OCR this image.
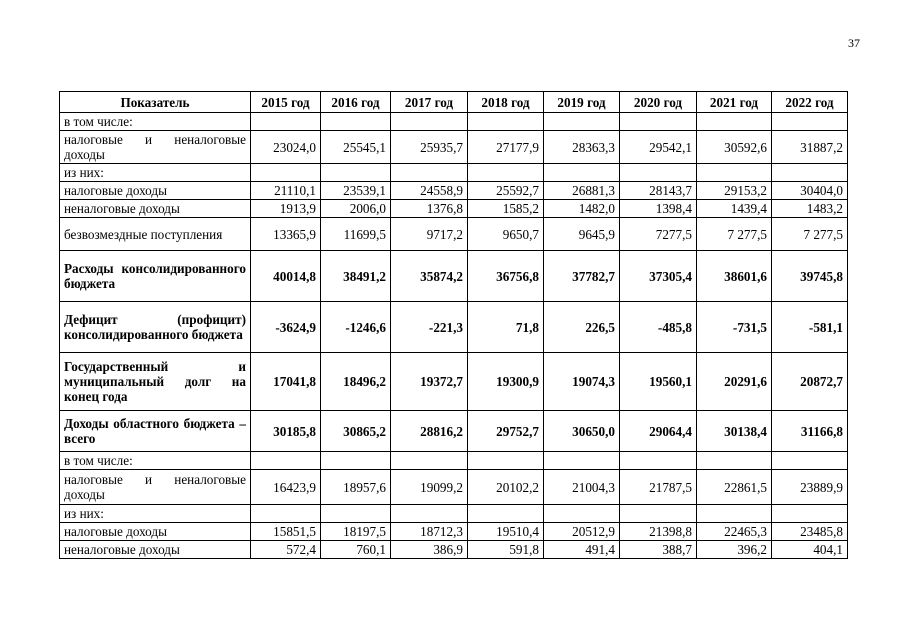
37
Показатель	2015 год	2016 год	2017 год	2018 год	2019 год	2020 год	2021 год	2022 год
в том числе:								
налоговые и неналоговые доходы	23024,0	25545,1	25935,7	27177,9	28363,3	29542,1	30592,6	31887,2
из них:								
налоговые доходы	21110,1	23539,1	24558,9	25592,7	26881,3	28143,7	29153,2	30404,0
неналоговые доходы	1913,9	2006,0	1376,8	1585,2	1482,0	1398,4	1439,4	1483,2
безвозмездные поступления	13365,9	11699,5	9717,2	9650,7	9645,9	7277,5	7 277,5	7 277,5
Расходы консолидированного бюджета	40014,8	38491,2	35874,2	36756,8	37782,7	37305,4	38601,6	39745,8
Дефицит (профицит) консолидированного бюджета	-3624,9	-1246,6	-221,3	71,8	226,5	-485,8	-731,5	-581,1
Государственный и муниципальный долг на конец года	17041,8	18496,2	19372,7	19300,9	19074,3	19560,1	20291,6	20872,7
Доходы областного бюджета – всего	30185,8	30865,2	28816,2	29752,7	30650,0	29064,4	30138,4	31166,8
в том числе:								
налоговые и неналоговые доходы	16423,9	18957,6	19099,2	20102,2	21004,3	21787,5	22861,5	23889,9
из них:								
налоговые доходы	15851,5	18197,5	18712,3	19510,4	20512,9	21398,8	22465,3	23485,8
неналоговые доходы	572,4	760,1	386,9	591,8	491,4	388,7	396,2	404,1
